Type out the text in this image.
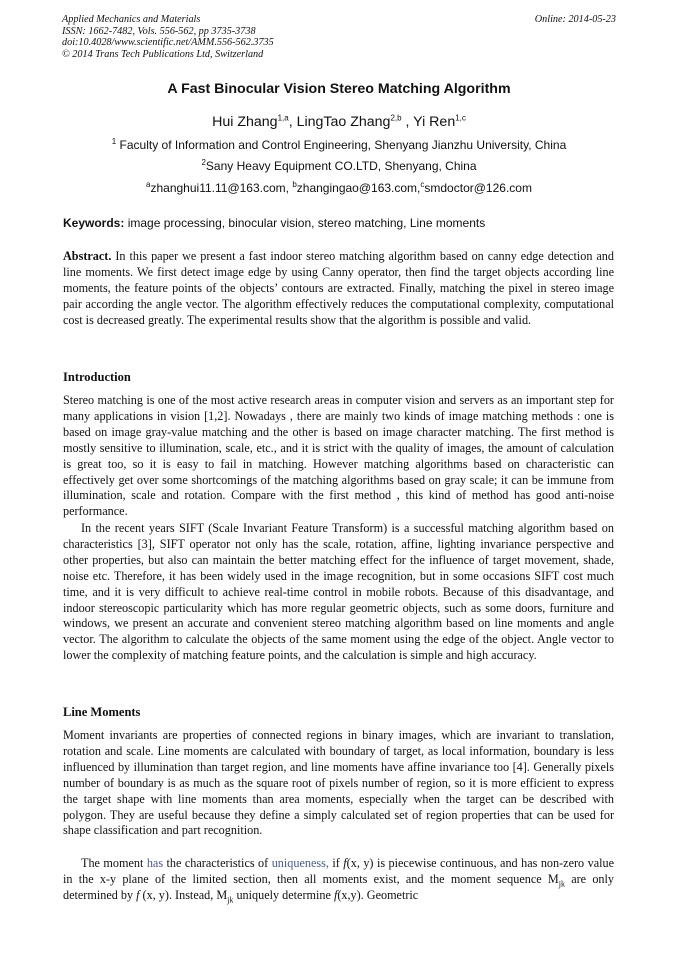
Applied Mechanics and Materials
ISSN: 1662-7482, Vols. 556-562, pp 3735-3738
doi:10.4028/www.scientific.net/AMM.556-562.3735
© 2014 Trans Tech Publications Ltd, Switzerland
Online: 2014-05-23
A Fast Binocular Vision Stereo Matching Algorithm
Hui Zhang$^{1,a}$, LingTao Zhang$^{2,b}$ , Yi Ren$^{1,c}$
$^1$ Faculty of Information and Control Engineering, Shenyang Jianzhu University, China
$^2$Sany Heavy Equipment CO.LTD, Shenyang, China
$^a$zhanghui11.11@163.com, $^b$zhangingao@163.com,$^c$smdoctor@126.com
Keywords: image processing, binocular vision, stereo matching, Line moments

Abstract. In this paper we present a fast indoor stereo matching algorithm based on canny edge detection and line moments. We first detect image edge by using Canny operator, then find the target objects according line moments, the feature points of the objects’ contours are extracted. Finally, matching the pixel in stereo image pair according the angle vector. The algorithm effectively reduces the computational complexity, computational cost is decreased greatly. The experimental results show that the algorithm is possible and valid.

Introduction

Stereo matching is one of the most active research areas in computer vision and servers as an important step for many applications in vision [1,2]. Nowadays , there are mainly two kinds of image matching methods : one is based on image gray-value matching and the other is based on image character matching. The first method is mostly sensitive to illumination, scale, etc., and it is strict with the quality of images, the amount of calculation is great too, so it is easy to fail in matching. However matching algorithms based on characteristic can effectively get over some shortcomings of the matching algorithms based on gray scale; it can be immune from illumination, scale and rotation. Compare with the first method , this kind of method has good anti-noise performance.

In the recent years SIFT (Scale Invariant Feature Transform) is a successful matching algorithm based on characteristics [3], SIFT operator not only has the scale, rotation, affine, lighting invariance perspective and other properties, but also can maintain the better matching effect for the influence of target movement, shade, noise etc. Therefore, it has been widely used in the image recognition, but in some occasions SIFT cost much time, and it is very difficult to achieve real-time control in mobile robots. Because of this disadvantage, and indoor stereoscopic particularity which has more regular geometric objects, such as some doors, furniture and windows, we present an accurate and convenient stereo matching algorithm based on line moments and angle vector. The algorithm to calculate the objects of the same moment using the edge of the object. Angle vector to lower the complexity of matching feature points, and the calculation is simple and high accuracy.

Line Moments

Moment invariants are properties of connected regions in binary images, which are invariant to translation, rotation and scale. Line moments are calculated with boundary of target, as local information, boundary is less influenced by illumination than target region, and line moments have affine invariance too [4]. Generally pixels number of boundary is as much as the square root of pixels number of region, so it is more efficient to express the target shape with line moments than area moments, especially when the target can be described with polygon. They are useful because they define a simply calculated set of region properties that can be used for shape classification and part recognition.

The moment has the characteristics of uniqueness, if f(x, y) is piecewise continuous, and has non-zero value in the x-y plane of the limited section, then all moments exist, and the moment sequence $M_{jk}$ are only determined by f (x, y). Instead, $M_{jk}$ uniquely determine f(x,y). Geometric
